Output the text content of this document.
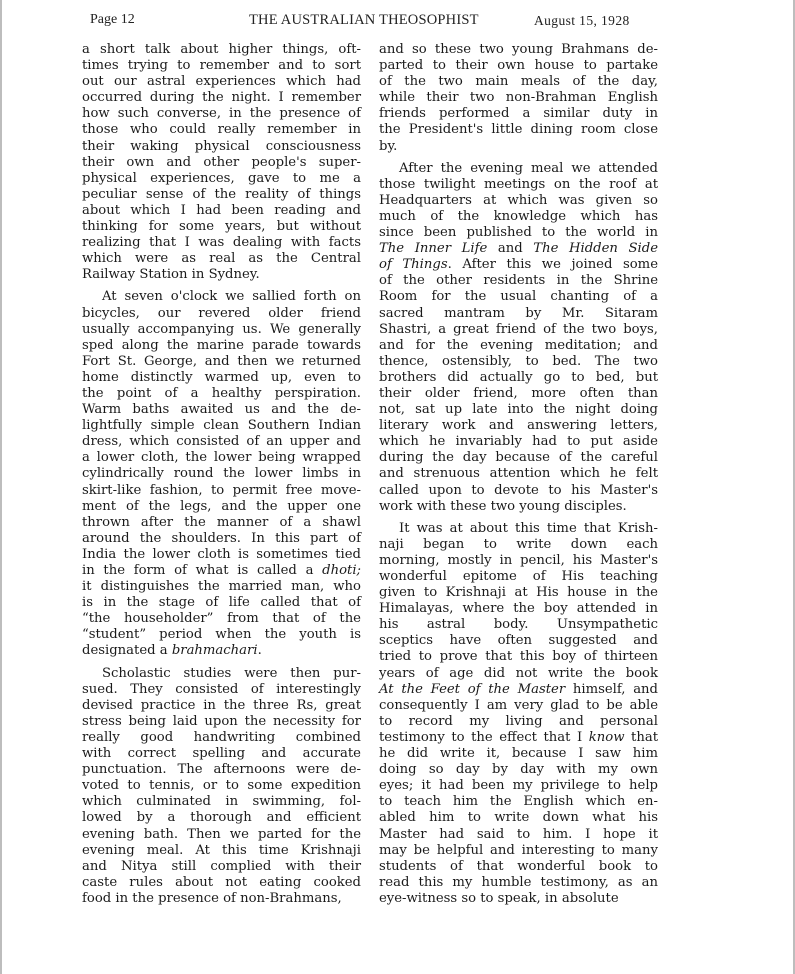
Page 12	THE AUSTRALIAN THEOSOPHIST	August 15, 1928

a short talk about higher things, oft-
times trying to remember and to sort
out our astral experiences which had
occurred during the night. I remember
how such converse, in the presence of
those who could really remember in
their waking physical consciousness
their own and other people's super-
physical experiences, gave to me a
peculiar sense of the reality of things
about which I had been reading and
thinking for some years, but without
realizing that I was dealing with facts
which were as real as the Central
Railway Station in Sydney.

At seven o'clock we sallied forth on
bicycles, our revered older friend
usually accompanying us. We generally
sped along the marine parade towards
Fort St. George, and then we returned
home distinctly warmed up, even to
the point of a healthy perspiration.
Warm baths awaited us and the de-
lightfully simple clean Southern Indian
dress, which consisted of an upper and
a lower cloth, the lower being wrapped
cylindrically round the lower limbs in
skirt-like fashion, to permit free move-
ment of the legs, and the upper one
thrown after the manner of a shawl
around the shoulders. In this part of
India the lower cloth is sometimes tied
in the form of what is called a dhoti;
it distinguishes the married man, who
is in the stage of life called that of
“the householder” from that of the
“student” period when the youth is
designated a brahmachari.

Scholastic studies were then pur-
sued. They consisted of interestingly
devised practice in the three Rs, great
stress being laid upon the necessity for
really good handwriting combined
with correct spelling and accurate
punctuation. The afternoons were de-
voted to tennis, or to some expedition
which culminated in swimming, fol-
lowed by a thorough and efficient
evening bath. Then we parted for the
evening meal. At this time Krishnaji
and Nitya still complied with their
caste rules about not eating cooked
food in the presence of non-Brahmans,

and so these two young Brahmans de-
parted to their own house to partake
of the two main meals of the day,
while their two non-Brahman English
friends performed a similar duty in
the President's little dining room close
by.

After the evening meal we attended
those twilight meetings on the roof at
Headquarters at which was given so
much of the knowledge which has
since been published to the world in
The Inner Life and The Hidden Side
of Things. After this we joined some
of the other residents in the Shrine
Room for the usual chanting of a
sacred mantram by Mr. Sitaram
Shastri, a great friend of the two boys,
and for the evening meditation; and
thence, ostensibly, to bed. The two
brothers did actually go to bed, but
their older friend, more often than
not, sat up late into the night doing
literary work and answering letters,
which he invariably had to put aside
during the day because of the careful
and strenuous attention which he felt
called upon to devote to his Master's
work with these two young disciples.

It was at about this time that Krish-
naji began to write down each
morning, mostly in pencil, his Master's
wonderful epitome of His teaching
given to Krishnaji at His house in the
Himalayas, where the boy attended in
his astral body. Unsympathetic
sceptics have often suggested and
tried to prove that this boy of thirteen
years of age did not write the book
At the Feet of the Master himself, and
consequently I am very glad to be able
to record my living and personal
testimony to the effect that I know that
he did write it, because I saw him
doing so day by day with my own
eyes; it had been my privilege to help
to teach him the English which en-
abled him to write down what his
Master had said to him. I hope it
may be helpful and interesting to many
students of that wonderful book to
read this my humble testimony, as an
eye-witness so to speak, in absolute
